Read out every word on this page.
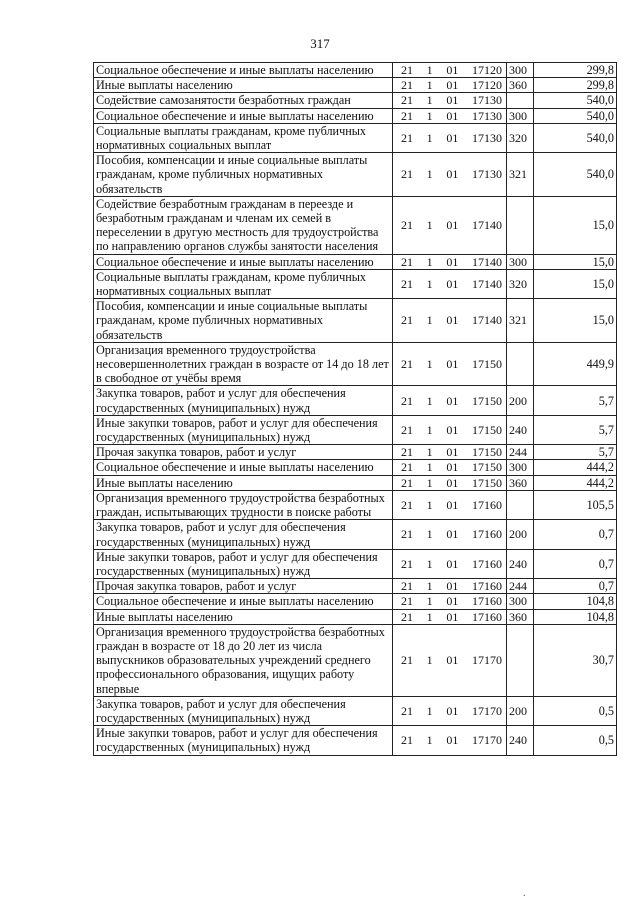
317
Социальное обеспечение и иные выплаты населению	21 1 01 17120	300	299,8
Иные выплаты населению	21 1 01 17120	360	299,8
Содействие самозанятости безработных граждан	21 1 01 17130		540,0
Социальное обеспечение и иные выплаты населению	21 1 01 17130	300	540,0
Социальные выплаты гражданам, кроме публичных нормативных социальных выплат	21 1 01 17130	320	540,0
Пособия, компенсации и иные социальные выплаты гражданам, кроме публичных нормативных обязательств	21 1 01 17130	321	540,0
Содействие безработным гражданам в переезде и безработным гражданам и членам их семей в переселении в другую местность для трудоустройства по направлению органов службы занятости населения	21 1 01 17140		15,0
Социальное обеспечение и иные выплаты населению	21 1 01 17140	300	15,0
Социальные выплаты гражданам, кроме публичных нормативных социальных выплат	21 1 01 17140	320	15,0
Пособия, компенсации и иные социальные выплаты гражданам, кроме публичных нормативных обязательств	21 1 01 17140	321	15,0
Организация временного трудоустройства несовершеннолетних граждан в возрасте от 14 до 18 лет в свободное от учёбы время	21 1 01 17150		449,9
Закупка товаров, работ и услуг для обеспечения государственных (муниципальных) нужд	21 1 01 17150	200	5,7
Иные закупки товаров, работ и услуг для обеспечения государственных (муниципальных) нужд	21 1 01 17150	240	5,7
Прочая закупка товаров, работ и услуг	21 1 01 17150	244	5,7
Социальное обеспечение и иные выплаты населению	21 1 01 17150	300	444,2
Иные выплаты населению	21 1 01 17150	360	444,2
Организация временного трудоустройства безработных граждан, испытывающих трудности в поиске работы	21 1 01 17160		105,5
Закупка товаров, работ и услуг для обеспечения государственных (муниципальных) нужд	21 1 01 17160	200	0,7
Иные закупки товаров, работ и услуг для обеспечения государственных (муниципальных) нужд	21 1 01 17160	240	0,7
Прочая закупка товаров, работ и услуг	21 1 01 17160	244	0,7
Социальное обеспечение и иные выплаты населению	21 1 01 17160	300	104,8
Иные выплаты населению	21 1 01 17160	360	104,8
Организация временного трудоустройства безработных граждан в возрасте от 18 до 20 лет из числа выпускников образовательных учреждений среднего профессионального образования, ищущих работу впервые	21 1 01 17170		30,7
Закупка товаров, работ и услуг для обеспечения государственных (муниципальных) нужд	21 1 01 17170	200	0,5
Иные закупки товаров, работ и услуг для обеспечения государственных (муниципальных) нужд	21 1 01 17170	240	0,5
.
